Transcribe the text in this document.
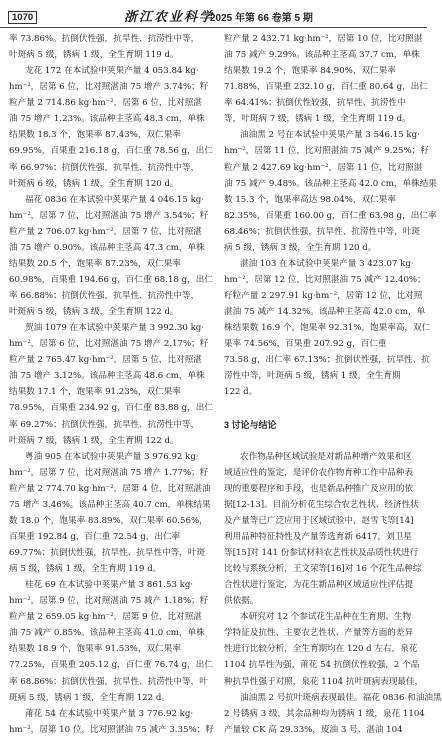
1070	浙江农业科学
2025 年第 66 卷第 5 期
率 73.86%。抗倒伏性强，抗旱性、抗涝性中等，
叶斑病 5 级，锈病 1 级，全生育期 119 d。
龙花 172 在本试验中荚果产量 4 053.84 kg·
hm⁻²，居第 6 位，比对照湛油 75 增产 3.74%；籽
粒产量 2 714.86 kg·hm⁻²，居第 6 位，比对照湛
油 75 增产 1.23%。该品种主茎高 48.3 cm，单株
结果数 18.3 个，饱果率 87.43%，双仁果率
69.95%，百果重 216.18 g，百仁重 78.56 g，出仁
率 66.97%；抗倒伏性强，抗旱性、抗涝性中等，
叶斑病 6 级，锈病 1 级，全生育期 120 d。
福花 0836 在本试验中荚果产量 4 046.15 kg·
hm⁻²，居第 7 位，比对照湛油 75 增产 3.54%；籽
粒产量 2 706.07 kg·hm⁻²，居第 7 位，比对照湛
油 75 增产 0.90%。该品种主茎高 47.3 cm，单株
结果数 20.5 个，饱果率 87.23%，双仁果率
60.98%，百果重 194.66 g，百仁重 68.18 g，出仁
率 66.88%；抗倒伏性强，抗旱性、抗涝性中等，
叶斑病 5 级，锈病 3 级，全生育期 122 d。
贺油 1079 在本试验中荚果产量 3 992.30 kg·
hm⁻²，居第 6 位，比对照湛油 75 增产 2.17%；籽
粒产量 2 765.47 kg·hm⁻²，居第 5 位，比对照湛
油 75 增产 3.12%。该品种主茎高 48.6 cm，单株
结果数 17.1 个，饱果率 91.23%，双仁果率
78.95%，百果重 234.92 g，百仁重 83.88 g，出仁
率 69.27%；抗倒伏性强，抗旱性、抗涝性中等，
叶斑病 7 级，锈病 1 级，全生育期 122 d。
粤油 905 在本试验中荚果产量 3 976.92 kg·
hm⁻²，居第 7 位，比对照湛油 75 增产 1.77%；籽
粒产量 2 774.70 kg·hm⁻²，居第 4 位，比对照湛油
75 增产 3.46%。该品种主茎高 40.7 cm，单株结果
数 18.0 个，饱果率 83.89%，双仁果率 60.56%，
百果重 192.84 g，百仁重 72.54 g，出仁率
69.77%；抗倒伏性强，抗旱性、抗旱性中等，叶斑
病 5 级，锈病 1 级，全生育期 119 d。
桂花 69 在本试验中荚果产量 3 861.53 kg·
hm⁻²，居第 9 位，比对照湛油 75 减产 1.18%；籽
粒产量 2 659.05 kg·hm⁻²，居第 9 位，比对照湛
油 75 减产 0.85%。该品种主茎高 41.0 cm，单株
结果数 18.9 个，饱果率 91.53%，双仁果率
77.25%，百果重 205.12 g，百仁重 76.74 g，出仁
率 68.86%；抗倒伏性强，抗旱性、抗涝性中等，叶
斑病 5 级，锈病 1 级，全生育期 122 d。
莆花 54 在本试验中荚果产量 3 776.92 kg·
hm⁻²，居第 10 位，比对照湛油 75 减产 3.35%；籽
粒产量 2 432.71 kg·hm⁻²，居第 10 位，比对照湛
油 75 减产 9.29%。该品种主茎高 37.7 cm，单株
结果数 19.2 个，饱果率 84.90%，双仁果率
71.88%，百果重 232.10 g，百仁重 80.64 g，出仁
率 64.41%；抗倒伏性较强，抗旱性、抗涝性中
等，叶斑病 7 级，锈病 1 级，全生育期 119 d。
油油黑 2 号在本试验中荚果产量 3 546.15 kg·
hm⁻²，居第 11 位，比对照湛油 75 减产 9.25%；籽
粒产量 2 427.69 kg·hm⁻²，居第 11 位，比对照湛
油 75 减产 9.48%。该品种主茎高 42.0 cm，单株结果
数 15.3 个，饱果率高达 98.04%，双仁果率
82.35%，百果重 160.00 g，百仁重 63.98 g，出仁率
68.46%；抗倒伏性强，抗旱性、抗涝性中等，叶斑
病 5 级，锈病 3 级，全生育期 120 d。
湛油 103 在本试验中荚果产量 3 423.07 kg·
hm⁻²，居第 12 位，比对照湛油 75 减产 12.40%；
籽粒产量 2 297.91 kg·hm⁻²，居第 12 位，比对照
湛油 75 减产 14.32%。该品种主茎高 42.0 cm，单
株结果数 16.9 个，饱果率 92.31%，饱果率高，双仁
果率 74.56%，百果重 207.92 g，百仁重
73.58 g，出仁率 67.13%；抗倒伏性强，抗旱性、抗
涝性中等，叶斑病 5 级，锈病 1 级，全生育期
122 d。
3 讨论与结论
农作物品种区域试验是对新品种增产效果和区
域适应性的鉴定，是评价农作物育种工作中品种表
现的重要程序和手段，也是新品种推广及应用的依
据[12-13]。目前分析花生综合农艺性状、经济性状
及产量等已广泛应用于区域试验中，赵雪飞等[14]
利用品种特征特性及产量等选育新 6417，刘卫星
等[15]对 141 份参试材料农艺性状及品质性状进行
比较与系统分析，王文荣等[16]对 16 个花生品种综
合性状进行鉴定，为花生新品种区域适应性评估提
供依据。
本研究对 12 个参试花生品种在生育期、生物
学特征及抗性、主要农艺性状、产量等方面的差异
性进行比较分析，全生育期均在 120 d 左右，泉花
1104 抗旱性为强，莆花 54 抗倒伏性较强，2 个品
种抗旱性强于对照，泉花 1104 抗叶斑病表现最佳，
油油黑 2 号抗叶斑病表现最佳。福花 0836 和油油黑
2 号锈病 3 级，其余品种均为锈病 1 级，泉花 1104
产量较 CK 高 29.33%，废油 3 号、湛油 104
